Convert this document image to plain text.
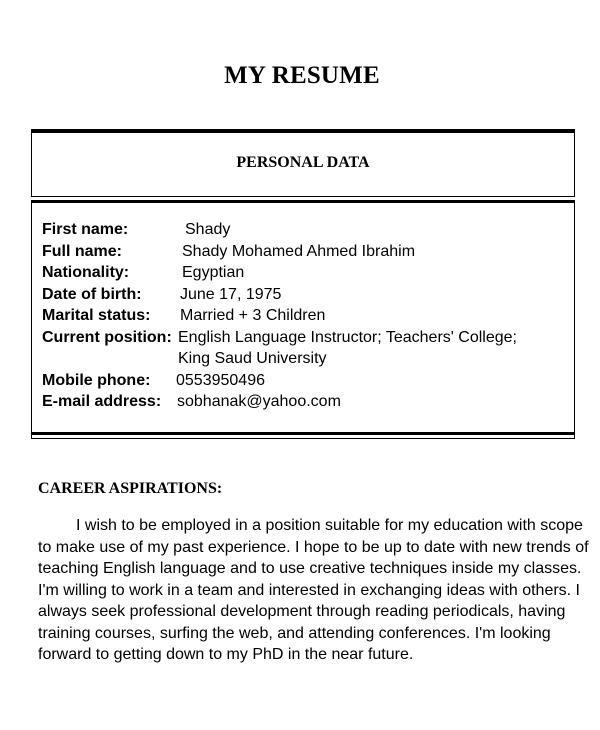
MY RESUME
PERSONAL DATA
First name:	Shady
Full name:	Shady Mohamed Ahmed Ibrahim
Nationality:	Egyptian
Date of birth:	June 17, 1975
Marital status:	Married + 3 Children
Current position: English Language Instructor; Teachers' College;
King Saud University
Mobile phone:	0553950496
E-mail address: sobhanak@yahoo.com
CAREER ASPIRATIONS:
I wish to be employed in a position suitable for my education with scope
to make use of my past experience. I hope to be up to date with new trends of
teaching English language and to use creative techniques inside my classes.
I'm willing to work in a team and interested in exchanging ideas with others. I
always seek professional development through reading periodicals, having
training courses, surfing the web, and attending conferences. I'm looking
forward to getting down to my PhD in the near future.
